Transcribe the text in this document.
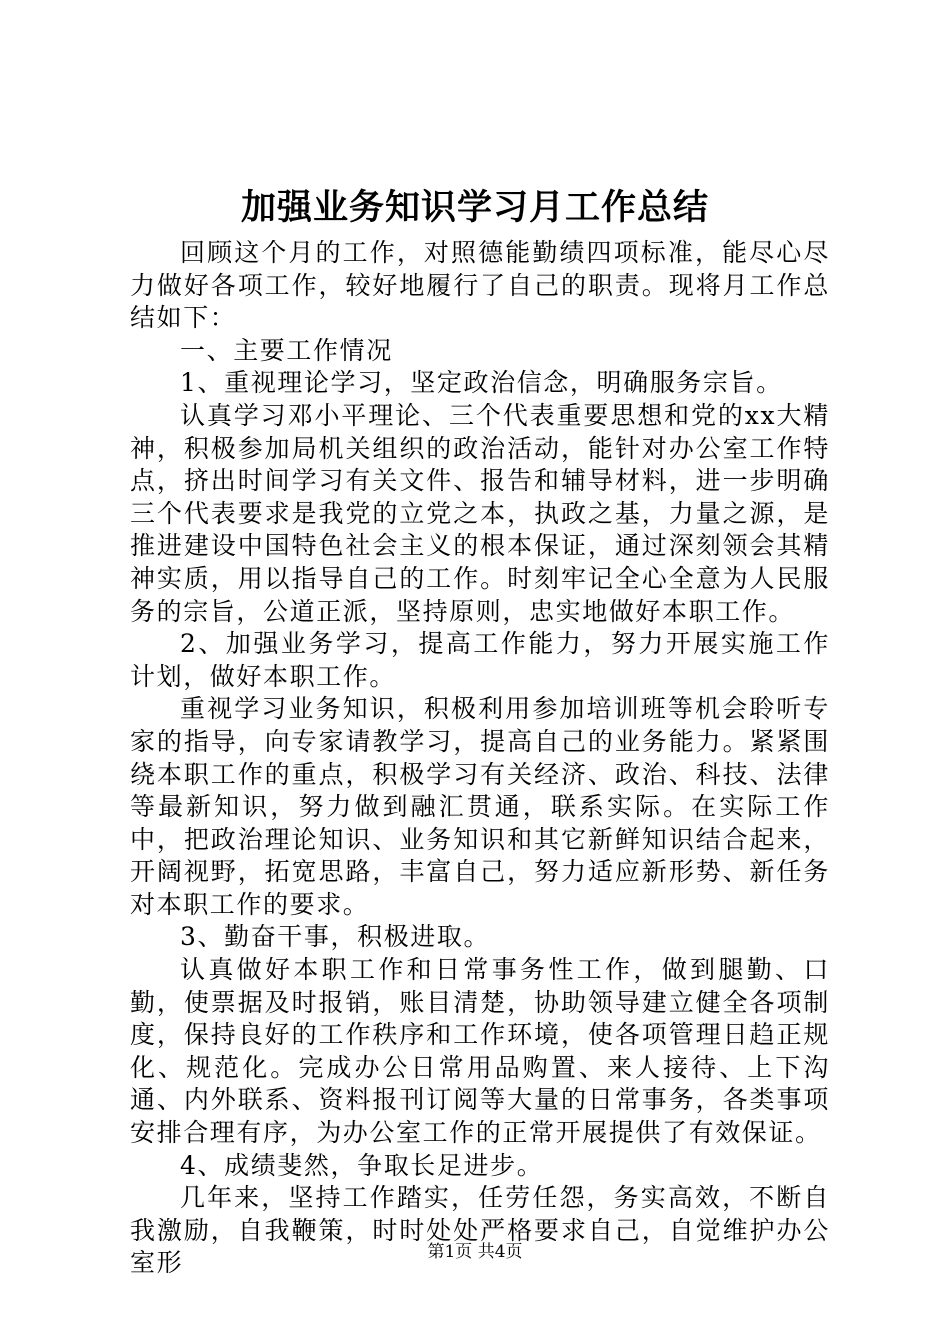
加强业务知识学习月工作总结

回顾这个月的工作，对照德能勤绩四项标准，能尽心尽力做好各项工作，较好地履行了自己的职责。现将月工作总结如下：

一、主要工作情况

1、重视理论学习，坚定政治信念，明确服务宗旨。

认真学习邓小平理论、三个代表重要思想和党的xx大精神，积极参加局机关组织的政治活动，能针对办公室工作特点，挤出时间学习有关文件、报告和辅导材料，进一步明确三个代表要求是我党的立党之本，执政之基，力量之源，是推进建设中国特色社会主义的根本保证，通过深刻领会其精神实质，用以指导自己的工作。时刻牢记全心全意为人民服务的宗旨，公道正派，坚持原则，忠实地做好本职工作。

2、加强业务学习，提高工作能力，努力开展实施工作计划，做好本职工作。

重视学习业务知识，积极利用参加培训班等机会聆听专家的指导，向专家请教学习，提高自己的业务能力。紧紧围绕本职工作的重点，积极学习有关经济、政治、科技、法律等最新知识，努力做到融汇贯通，联系实际。在实际工作中，把政治理论知识、业务知识和其它新鲜知识结合起来，开阔视野，拓宽思路，丰富自己，努力适应新形势、新任务对本职工作的要求。

3、勤奋干事，积极进取。

认真做好本职工作和日常事务性工作，做到腿勤、口勤，使票据及时报销，账目清楚，协助领导建立健全各项制度，保持良好的工作秩序和工作环境，使各项管理日趋正规化、规范化。完成办公日常用品购置、来人接待、上下沟通、内外联系、资料报刊订阅等大量的日常事务，各类事项安排合理有序，为办公室工作的正常开展提供了有效保证。

4、成绩斐然，争取长足进步。

几年来，坚持工作踏实，任劳任怨，务实高效，不断自我激励，自我鞭策，时时处处严格要求自己，自觉维护办公室形	第1页 共4页
